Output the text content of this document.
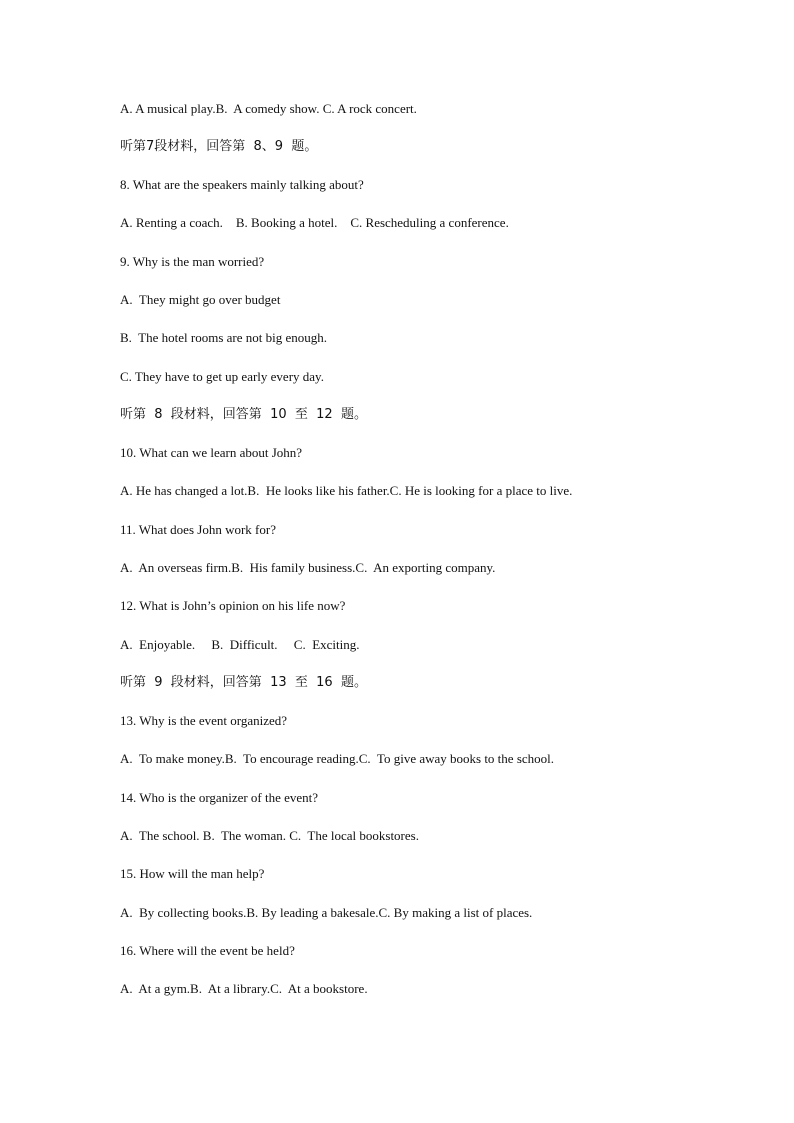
A. A musical play.B.  A comedy show. C. A rock concert.
听第7段材料，回答第  8、9  题。
8. What are the speakers mainly talking about?
A. Renting a coach.    B. Booking a hotel.    C. Rescheduling a conference.
9. Why is the man worried?
A.  They might go over budget
B.  The hotel rooms are not big enough.
C. They have to get up early every day.
听第  8  段材料，回答第  10  至  12  题。
10. What can we learn about John?
A. He has changed a lot.B.  He looks like his father.C. He is looking for a place to live.
11. What does John work for?
A.  An overseas firm.B.  His family business.C.  An exporting company.
12. What is John’s opinion on his life now?
A.  Enjoyable.     B.  Difficult.     C.  Exciting.
听第  9  段材料，回答第  13  至  16  题。
13. Why is the event organized?
A.  To make money.B.  To encourage reading.C.  To give away books to the school.
14. Who is the organizer of the event?
A.  The school. B.  The woman. C.  The local bookstores.
15. How will the man help?
A.  By collecting books.B. By leading a bakesale.C. By making a list of places.
16. Where will the event be held?
A.  At a gym.B.  At a library.C.  At a bookstore.
